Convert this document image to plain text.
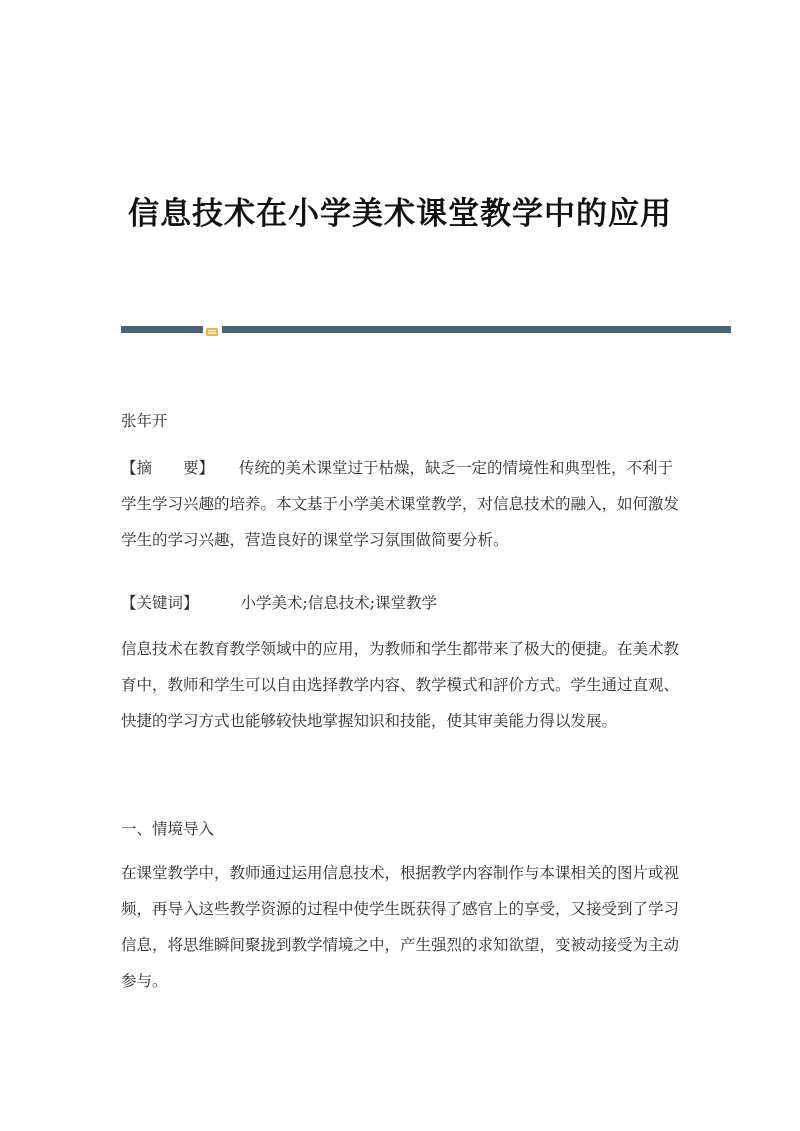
信息技术在小学美术课堂教学中的应用
张年开
【摘　　要】 传统的美术课堂过于枯燥，缺乏一定的情境性和典型性，不利于学生学习兴趣的培养。本文基于小学美术课堂教学，对信息技术的融入，如何激发学生的学习兴趣，营造良好的课堂学习氛围做简要分析。
【关键词】	小学美术;信息技术;课堂教学
信息技术在教育教学领域中的应用，为教师和学生都带来了极大的便捷。在美术教育中，教师和学生可以自由选择教学内容、教学模式和評价方式。学生通过直观、快捷的学习方式也能够较快地掌握知识和技能，使其审美能力得以发展。
一、情境导入
在课堂教学中，教师通过运用信息技术，根据教学内容制作与本课相关的图片或视频，再导入这些教学资源的过程中使学生既获得了感官上的享受，又接受到了学习信息，将思维瞬间聚拢到教学情境之中，产生强烈的求知欲望，变被动接受为主动参与。
